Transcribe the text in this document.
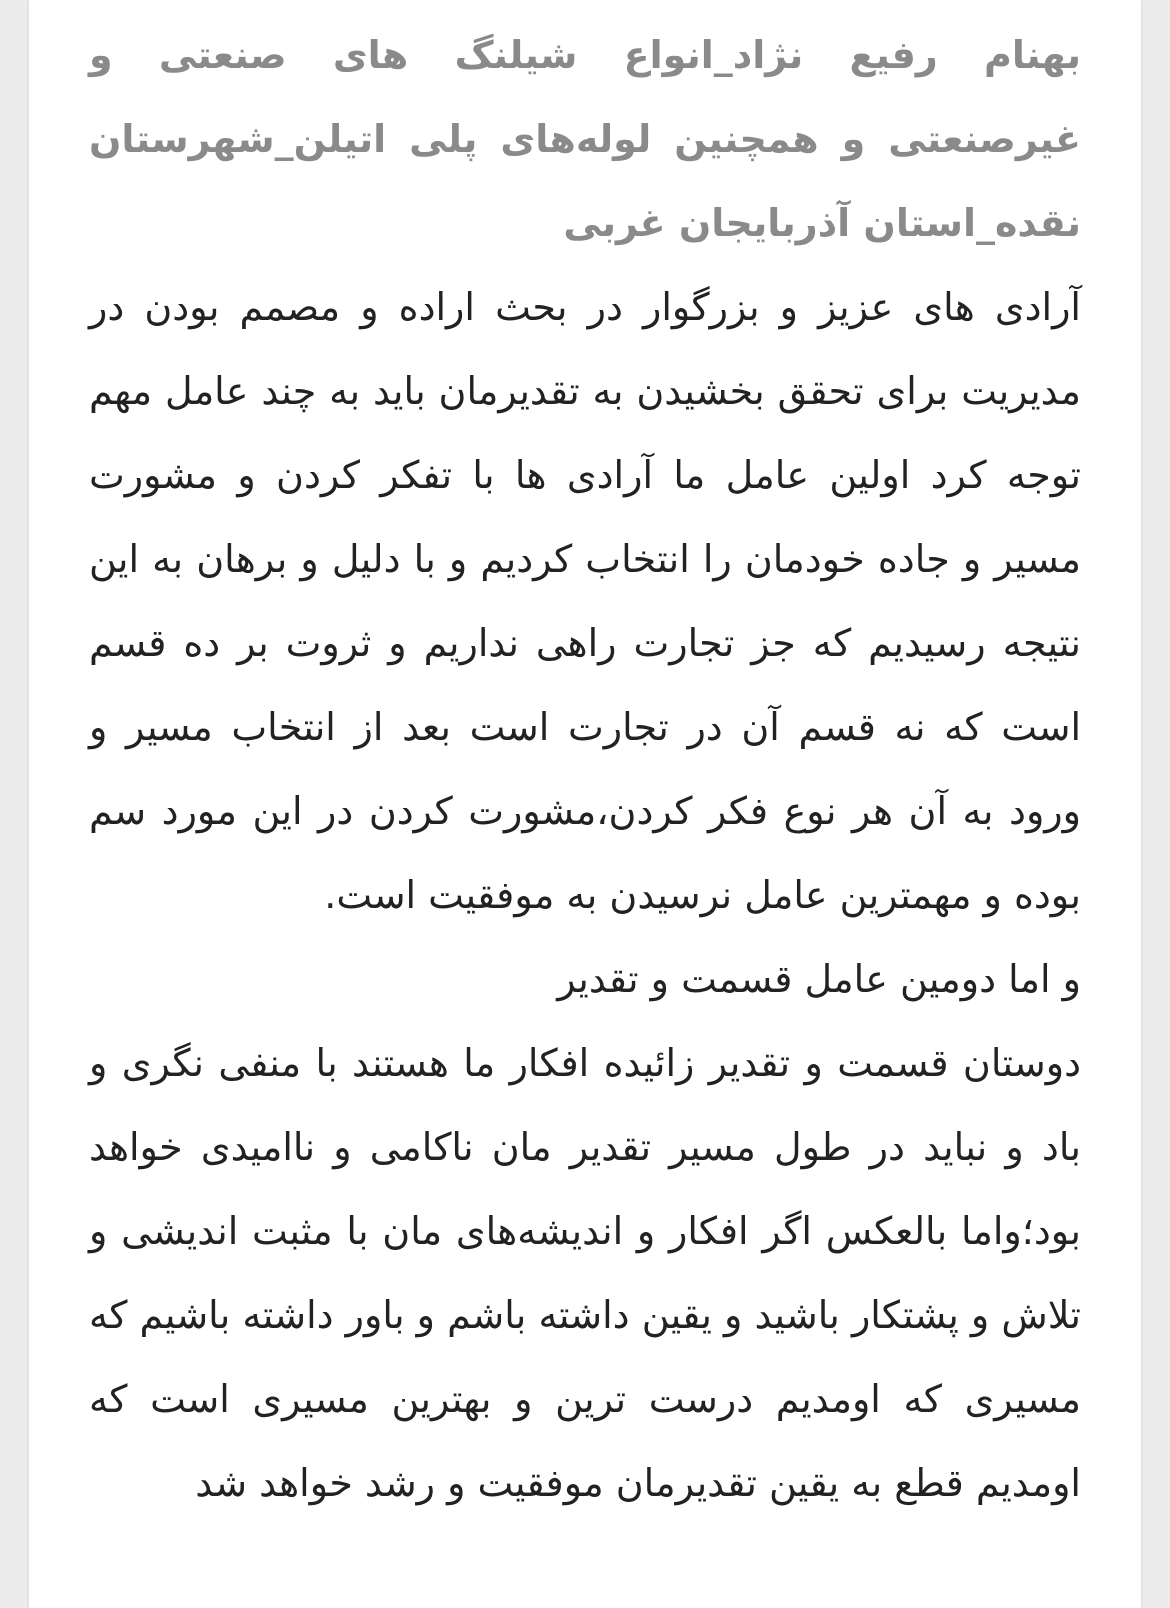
بهنام رفیع نژاد_انواع شیلنگ های صنعتی و غیرصنعتی و همچنین لوله‌های پلی اتیلن_شهرستان نقده_استان آذربایجان غربی

آرادی های عزیز و بزرگوار در بحث اراده و مصمم بودن در مدیریت برای تحقق بخشیدن به تقدیرمان باید به چند عامل مهم توجه کرد اولین عامل ما آرادی ها با تفکر کردن و مشورت مسیر و جاده خودمان را انتخاب کردیم و با دلیل و برهان به این نتیجه رسیدیم که جز تجارت راهی نداریم و ثروت بر ده قسم است که نه قسم آن در تجارت است بعد از انتخاب مسیر و ورود به آن هر نوع فکر کردن،مشورت کردن در این مورد سم بوده و مهمترین عامل نرسیدن به موفقیت است.

و اما دومین عامل قسمت و تقدیر

دوستان قسمت و تقدیر زائیده افکار ما هستند با منفی نگری و باد و نباید در طول مسیر تقدیر مان ناکامی و ناامیدی خواهد بود؛واما بالعکس اگر افکار و اندیشه‌های مان با مثبت اندیشی و تلاش و پشتکار باشید و یقین داشته باشم و باور داشته باشیم که مسیری که اومدیم درست ترین و بهترین مسیری است که اومدیم قطع به یقین تقدیرمان موفقیت و رشد خواهد شد
